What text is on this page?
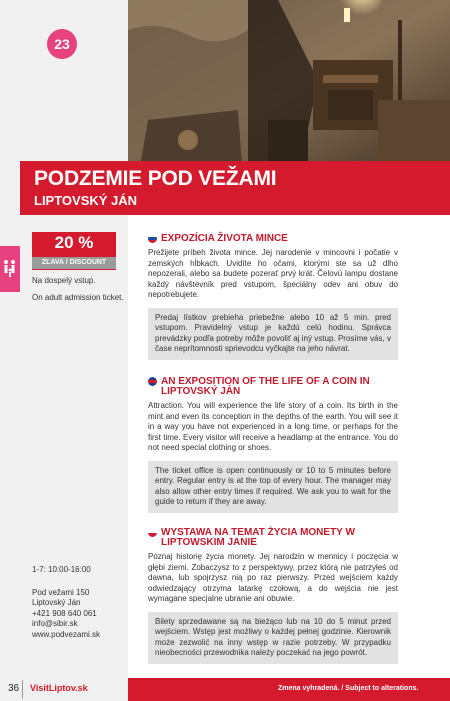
23
PODZEMIE POD VEŽAMI
LIPTOVSKÝ JÁN
20 %
ZĽAVA / DISCOUNT
Na dospelý vstup.
On adult admission ticket.
1-7: 10:00-16:00
Pod vežami 150
Liptovský Ján
+421 908 640 061
info@sibir.sk
www.podvezami.sk
EXPOZÍCIA ŽIVOTA MINCE
Prežijete príbeh života mince. Jej narodenie v mincovni i počatie v zemských hĺbkach. Uvidíte ho očami, ktorými ste sa už dlho nepozerali, alebo sa budete pozerať prvý krát. Čelovú lampu dostane každý návštevník pred vstupom, špeciálny odev ani obuv do nepotrebujete.
Predaj lístkov prebieha priebežne alebo 10 až 5 min. pred vstupom. Pravidelný vstup je každú celú hodinu. Správca prevádzky podľa potreby môže povoliť aj iný vstup. Prosíme vás, v čase neprítomnosti sprievodcu vyčkajte na jeho návrat.
AN EXPOSITION OF THE LIFE OF A COIN IN LIPTOVSKÝ JÁN
Attraction. You will experience the life story of a coin. Its birth in the mint and even its conception in the depths of the earth. You will see it in a way you have not experienced in a long time, or perhaps for the first time. Every visitor will receive a headlamp at the entrance. You do not need special clothing or shoes.
The ticket office is open continuously or 10 to 5 minutes before entry. Regular entry is at the top of every hour. The manager may also allow other entry times if required. We ask you to wait for the guide to return if they are away.
WYSTAWA NA TEMAT ŻYCIA MONETY W LIPTOWSKIM JANIE
Poznaj historię życia monety. Jej narodzin w mennicy i poczęcia w głębi ziemi. Zobaczysz to z perspektywy, przez którą nie patrzyłeś od dawna, lub spojrzysz nią po raz pierwszy. Przed wejściem każdy odwiedzający otrzyma latarkę czołową, a do wejścia nie jest wymagane specjalne ubranie ani obuwie.
Bilety sprzedawane są na bieżąco lub na 10 do 5 minut przed wejściem. Wstęp jest możliwy o każdej pełnej godzinie. Kierownik może zezwolić na inny wstęp w razie potrzeby. W przypadku nieobecności przewodnika należy poczekać na jego powrót.
36 VisitLiptov.sk	Zmena vyhradená. / Subject to alterations.
